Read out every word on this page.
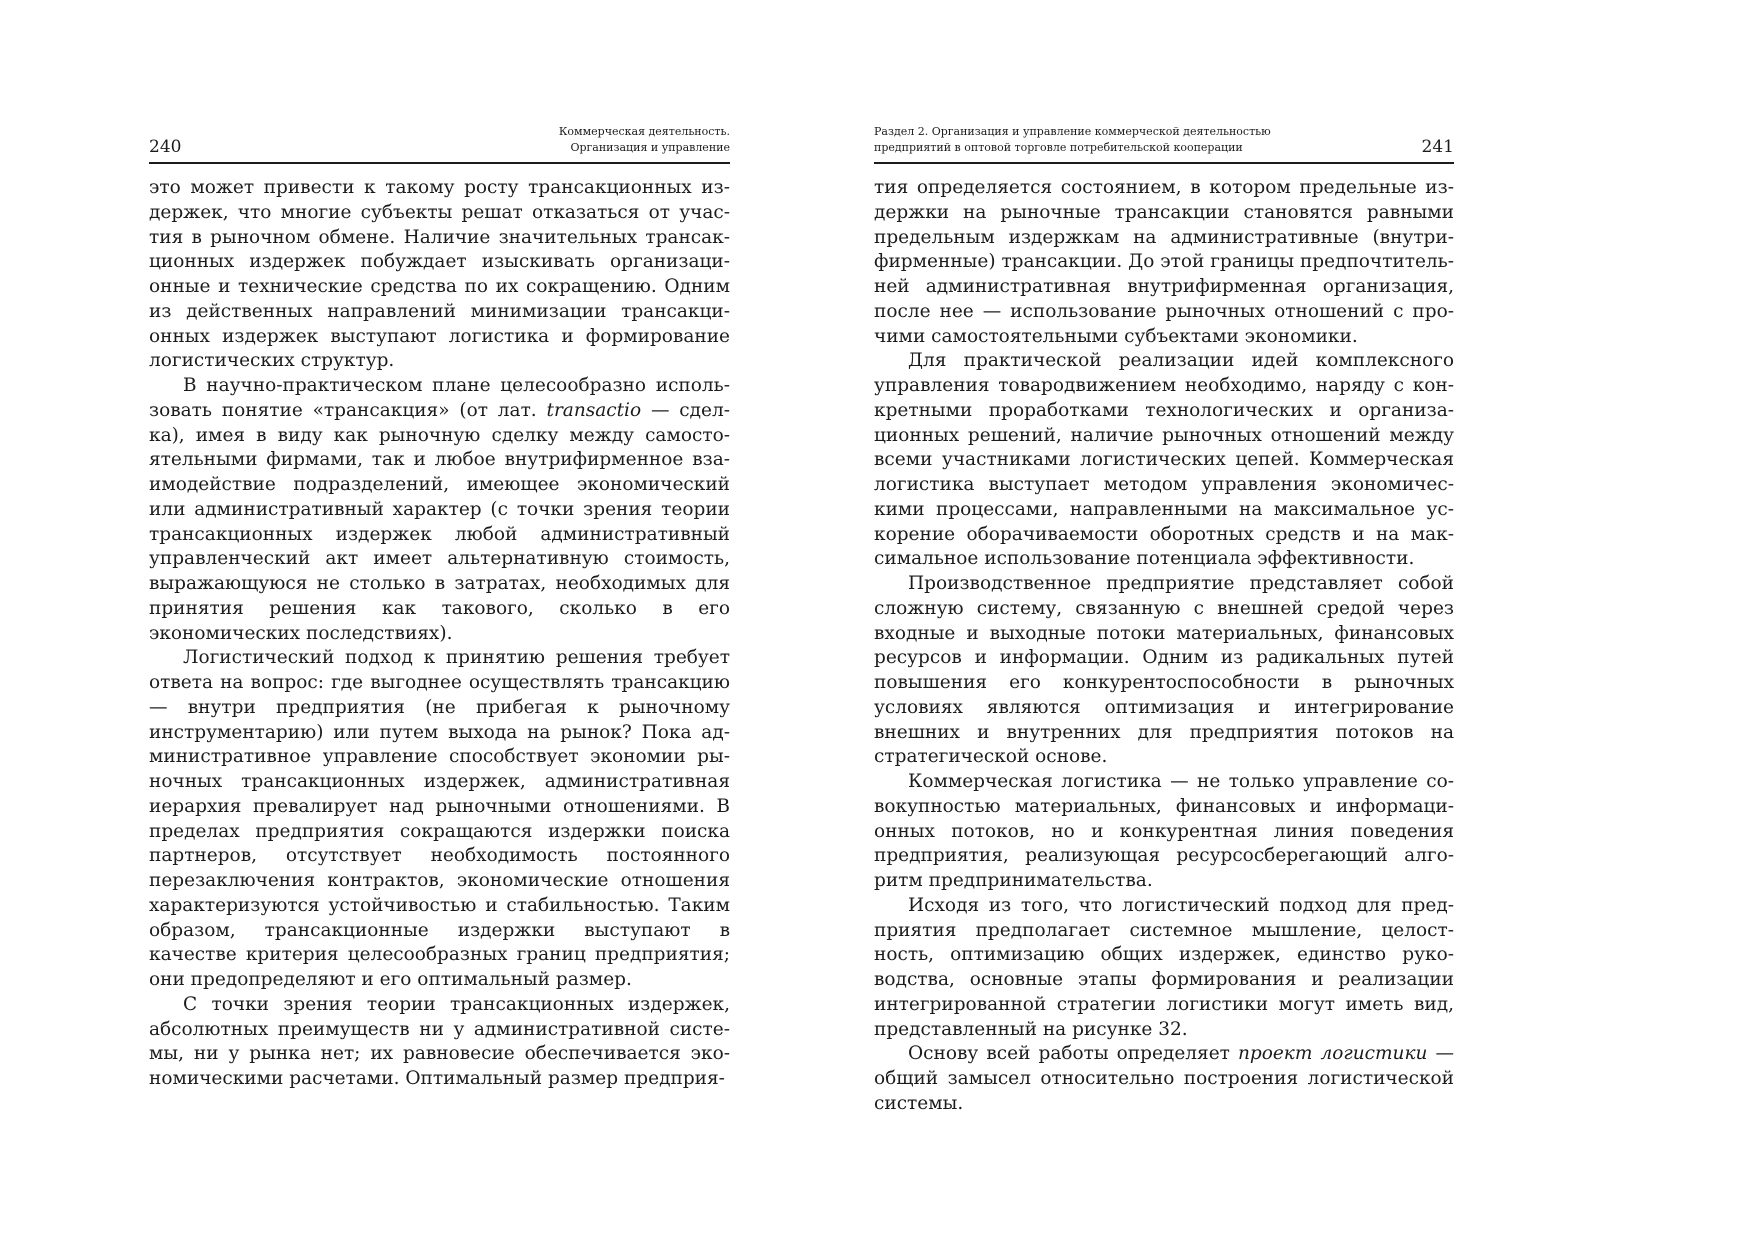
240
Коммерческая деятельность.
Организация и управление

это может привести к такому росту трансакционных издержек, что многие субъекты решат отказаться от участия в рыночном обмене. Наличие значительных трансакционных издержек побуждает изыскивать организационные и технические средства по их сокращению. Одним из действенных направлений минимизации трансакционных издержек выступают логистика и формирование логистических структур.

В научно-практическом плане целесообразно использовать понятие «трансакция» (от лат. transactio — сделка), имея в виду как рыночную сделку между самостоятельными фирмами, так и любое внутрифирменное взаимодействие подразделений, имеющее экономический или административный характер (с точки зрения теории трансакционных издержек любой административный управленческий акт имеет альтернативную стоимость, выражающуюся не столько в затратах, необходимых для принятия решения как такового, сколько в его экономических последствиях).

Логистический подход к принятию решения требует ответа на вопрос: где выгоднее осуществлять трансакцию — внутри предприятия (не прибегая к рыночному инструментарию) или путем выхода на рынок? Пока административное управление способствует экономии рыночных трансакционных издержек, административная иерархия превалирует над рыночными отношениями. В пределах предприятия сокращаются издержки поиска партнеров, отсутствует необходимость постоянного перезаключения контрактов, экономические отношения характеризуются устойчивостью и стабильностью. Таким образом, трансакционные издержки выступают в качестве критерия целесообразных границ предприятия; они предопределяют и его оптимальный размер.

С точки зрения теории трансакционных издержек, абсолютных преимуществ ни у административной системы, ни у рынка нет; их равновесие обеспечивается экономическими расчетами. Оптимальный размер предприя-

Раздел 2. Организация и управление коммерческой деятельностью
предприятий в оптовой торговле потребительской кооперации	241

тия определяется состоянием, в котором предельные издержки на рыночные трансакции становятся равными предельным издержкам на административные (внутрифирменные) трансакции. До этой границы предпочтительней административная внутрифирменная организация, после нее — использование рыночных отношений с прочими самостоятельными субъектами экономики.

Для практической реализации идей комплексного управления товародвижением необходимо, наряду с конкретными проработками технологических и организационных решений, наличие рыночных отношений между всеми участниками логистических цепей. Коммерческая логистика выступает методом управления экономическими процессами, направленными на максимальное ускорение оборачиваемости оборотных средств и на максимальное использование потенциала эффективности.

Производственное предприятие представляет собой сложную систему, связанную с внешней средой через входные и выходные потоки материальных, финансовых ресурсов и информации. Одним из радикальных путей повышения его конкурентоспособности в рыночных условиях являются оптимизация и интегрирование внешних и внутренних для предприятия потоков на стратегической основе.

Коммерческая логистика — не только управление совокупностью материальных, финансовых и информационных потоков, но и конкурентная линия поведения предприятия, реализующая ресурсосберегающий алгоритм предпринимательства.

Исходя из того, что логистический подход для предприятия предполагает системное мышление, целостность, оптимизацию общих издержек, единство руководства, основные этапы формирования и реализации интегрированной стратегии логистики могут иметь вид, представленный на рисунке 32.

Основу всей работы определяет проект логистики — общий замысел относительно построения логистической системы.
